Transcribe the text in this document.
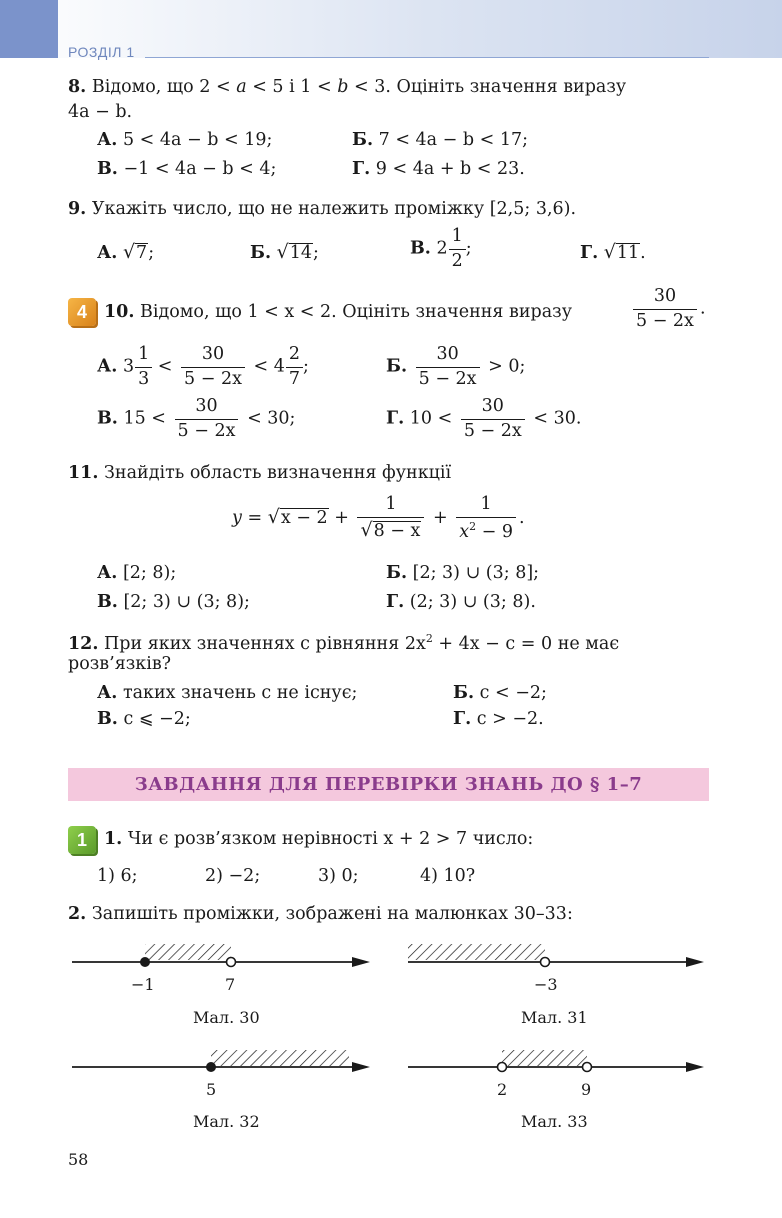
РОЗДІЛ 1
8. Відомо, що 2 < a < 5 і 1 < b < 3. Оцініть значення виразу
4a − b.
А. 5 < 4a − b < 19;	Б. 7 < 4a − b < 17;
В. −1 < 4a − b < 4;	Г. 9 < 4a + b < 23.
9. Укажіть число, що не належить проміжку [2,5; 3,6).
А. √7;	Б. √14;	В. $2 \frac{1}{2}$ ;	Г. √11.
4 10. Відомо, що 1 < x < 2. Оцініть значення виразу	$\frac{30}{5 - 2x}$ .
А. $3 \frac{1}{3} < \frac{30}{5 - 2x} < 4 \frac{2}{7}$ ;	Б. $\frac{30}{5 - 2x} > 0$;
В. $15 < \frac{30}{5 - 2x} < 30$;	Г. $10 < \frac{30}{5 - 2x} < 30$.
11. Знайдіть область визначення функції
$y = √x - 2 + \frac{1}{√8 - x} + \frac{1}{x^2 - 9}$ .
А. [2; 8);	Б. [2; 3) ∪ (3; 8];
В. [2; 3) ∪ (3; 8);	Г. (2; 3) ∪ (3; 8).
12. При яких значеннях c рівняння $2x^2 + 4x - c = 0$ не має
розв’язків?
А. таких значень c не існує;	Б. c < −2;
В. c ⩽ −2;	Г. c > −2.
ЗАВДАННЯ ДЛЯ ПЕРЕВІРКИ ЗНАНЬ ДО § 1–7
1 1. Чи є розв’язком нерівності x + 2 > 7 число:
1) 6;	2) −2;	3) 0;	4) 10?
2. Запишіть проміжки, зображені на малюнках 30–33:
−1	7	−3
5	2	9
Мал. 30	Мал. 31
Мал. 32	Мал. 33
58
